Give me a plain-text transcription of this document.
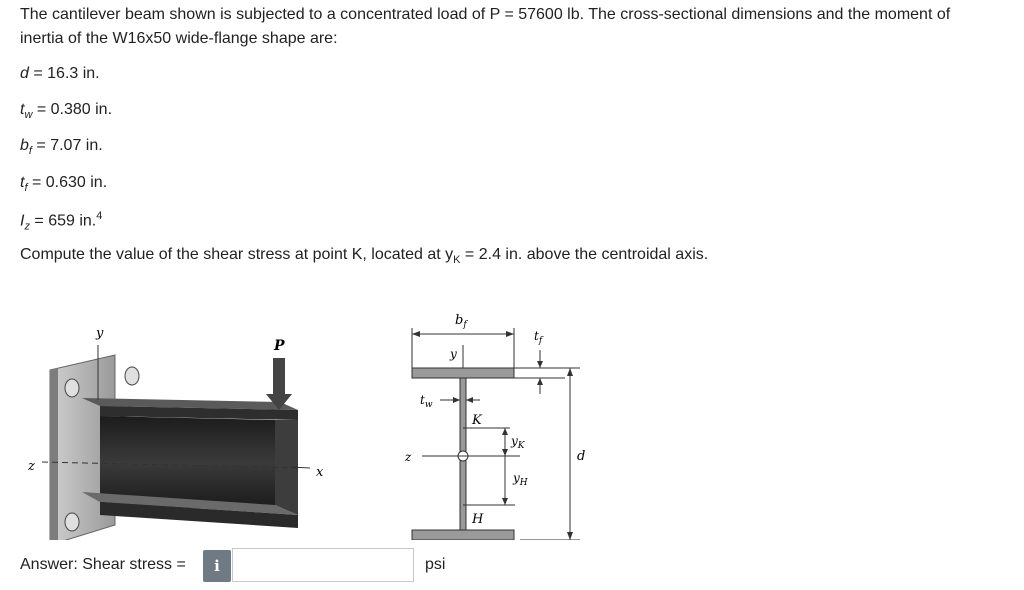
The cantilever beam shown is subjected to a concentrated load of P = 57600 lb. The cross-sectional dimensions and the moment of
inertia of the W16x50 wide-flange shape are:
d = 16.3 in.
$t_w = 0.380$ in.
$b_f = 7.07$ in.
$t_f = 0.630$ in.
$I_z = 659$ in.$^4$
Compute the value of the shear stress at point K, located at $y_K = 2.4$ in. above the centroidal axis.
y
z	x
P
$b_f$
$t_f$
y
$t_w$
K
z
$y_K$
$y_H$
H
d
Answer: Shear stress =	i	psi
